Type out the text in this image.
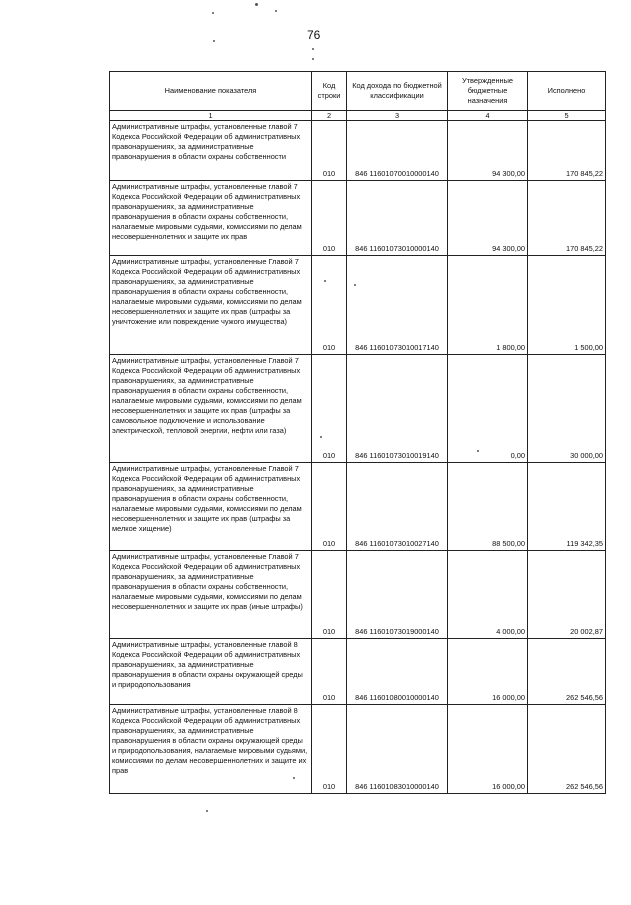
76
Наименование показателя	Код строки	Код дохода по бюджетной классификации	Утвержденные бюджетные назначения	Исполнено
1	2	3	4	5
Административные штрафы, установленные главой 7 Кодекса Российской Федерации об административных правонарушениях, за административные правонарушения в области охраны собственности	010	846 11601070010000140	94 300,00	170 845,22
Административные штрафы, установленные главой 7 Кодекса Российской Федерации об административных правонарушениях, за административные правонарушения в области охраны собственности, налагаемые мировыми судьями, комиссиями по делам несовершеннолетних и защите их прав	010	846 11601073010000140	94 300,00	170 845,22
Административные штрафы, установленные Главой 7 Кодекса Российской Федерации об административных правонарушениях, за административные правонарушения в области охраны собственности, налагаемые мировыми судьями, комиссиями по делам несовершеннолетних и защите их прав (штрафы за уничтожение или повреждение чужого имущества)	010	846 11601073010017140	1 800,00	1 500,00
Административные штрафы, установленные Главой 7 Кодекса Российской Федерации об административных правонарушениях, за административные правонарушения в области охраны собственности, налагаемые мировыми судьями, комиссиями по делам несовершеннолетних и защите их прав (штрафы за самовольное подключение и использование электрической, тепловой энергии, нефти или газа)	010	846 11601073010019140	0,00	30 000,00
Административные штрафы, установленные Главой 7 Кодекса Российской Федерации об административных правонарушениях, за административные правонарушения в области охраны собственности, налагаемые мировыми судьями, комиссиями по делам несовершеннолетних и защите их прав (штрафы за мелкое хищение)	010	846 11601073010027140	88 500,00	119 342,35
Административные штрафы, установленные Главой 7 Кодекса Российской Федерации об административных правонарушениях, за административные правонарушения в области охраны собственности, налагаемые мировыми судьями, комиссиями по делам несовершеннолетних и защите их прав (иные штрафы)	010	846 11601073019000140	4 000,00	20 002,87
Административные штрафы, установленные главой 8 Кодекса Российской Федерации об административных правонарушениях, за административные правонарушения в области охраны окружающей среды и природопользования	010	846 11601080010000140	16 000,00	262 546,56
Административные штрафы, установленные главой 8 Кодекса Российской Федерации об административных правонарушениях, за административные правонарушения в области охраны окружающей среды и природопользования, налагаемые мировыми судьями, комиссиями по делам несовершеннолетних и защите их прав	010	846 11601083010000140	16 000,00	262 546,56
